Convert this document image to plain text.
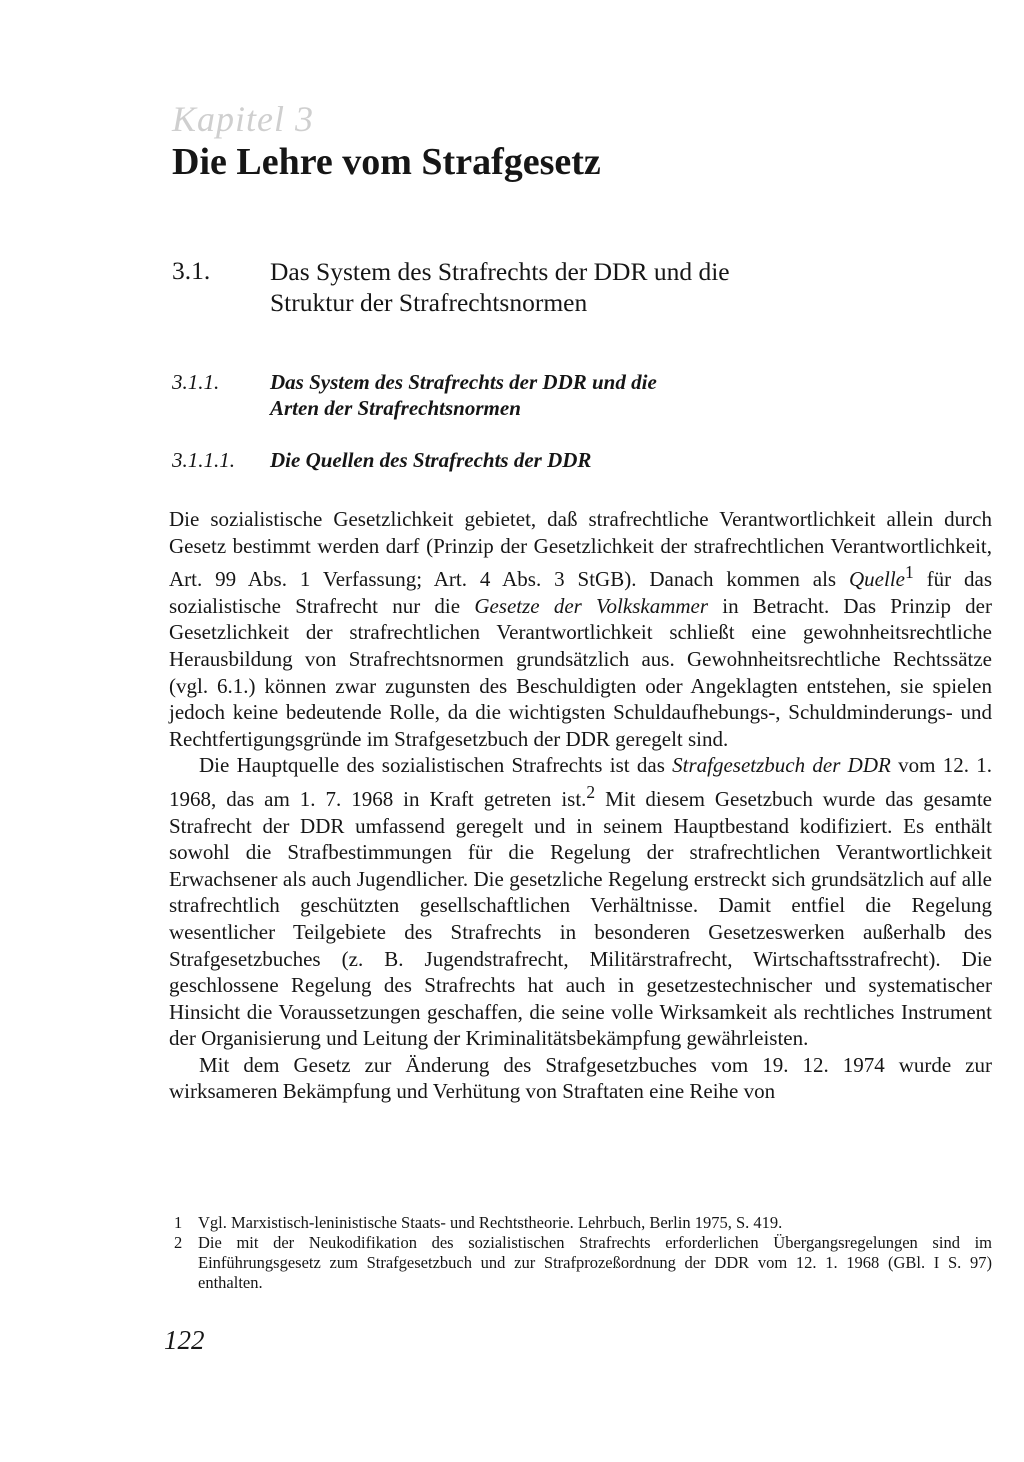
Kapitel 3
Die Lehre vom Strafgesetz
3.1.	Das System des Strafrechts der DDR und die Struktur der Strafrechtsnormen
3.1.1.	Das System des Strafrechts der DDR und die Arten der Strafrechtsnormen
3.1.1.1.	Die Quellen des Strafrechts der DDR

Die sozialistische Gesetzlichkeit gebietet, daß strafrechtliche Verantwortlichkeit allein durch Gesetz bestimmt werden darf (Prinzip der Gesetzlichkeit der strafrechtlichen Verantwortlichkeit, Art. 99 Abs. 1 Verfassung; Art. 4 Abs. 3 StGB). Danach kommen als Quelle$^1$ für das sozialistische Strafrecht nur die Gesetze der Volkskammer in Betracht. Das Prinzip der Gesetzlichkeit der strafrechtlichen Verantwortlichkeit schließt eine gewohnheitsrechtliche Herausbildung von Strafrechtsnormen grundsätzlich aus. Gewohnheitsrechtliche Rechtssätze (vgl. 6.1.) können zwar zugunsten des Beschuldigten oder Angeklagten entstehen, sie spielen jedoch keine bedeutende Rolle, da die wichtigsten Schuldaufhebungs-, Schuldminderungs- und Rechtfertigungsgründe im Strafgesetzbuch der DDR geregelt sind.

Die Hauptquelle des sozialistischen Strafrechts ist das Strafgesetzbuch der DDR vom 12. 1. 1968, das am 1. 7. 1968 in Kraft getreten ist.$^2$ Mit diesem Gesetzbuch wurde das gesamte Strafrecht der DDR umfassend geregelt und in seinem Hauptbestand kodifiziert. Es enthält sowohl die Strafbestimmungen für die Regelung der strafrechtlichen Verantwortlichkeit Erwachsener als auch Jugendlicher. Die gesetzliche Regelung erstreckt sich grundsätzlich auf alle strafrechtlich geschützten gesellschaftlichen Verhältnisse. Damit entfiel die Regelung wesentlicher Teilgebiete des Strafrechts in besonderen Gesetzeswerken außerhalb des Strafgesetzbuches (z. B. Jugendstrafrecht, Militärstrafrecht, Wirtschaftsstrafrecht). Die geschlossene Regelung des Strafrechts hat auch in gesetzestechnischer und systematischer Hinsicht die Voraussetzungen geschaffen, die seine volle Wirksamkeit als rechtliches Instrument der Organisierung und Leitung der Kriminalitätsbekämpfung gewährleisten.

Mit dem Gesetz zur Änderung des Strafgesetzbuches vom 19. 12. 1974 wurde zur wirksameren Bekämpfung und Verhütung von Straftaten eine Reihe von

1 Vgl. Marxistisch-leninistische Staats- und Rechtstheorie. Lehrbuch, Berlin 1975, S. 419.
2 Die mit der Neukodifikation des sozialistischen Strafrechts erforderlichen Übergangsregelungen sind im Einführungsgesetz zum Strafgesetzbuch und zur Strafprozeßordnung der DDR vom 12. 1. 1968 (GBl. I S. 97) enthalten.
122
